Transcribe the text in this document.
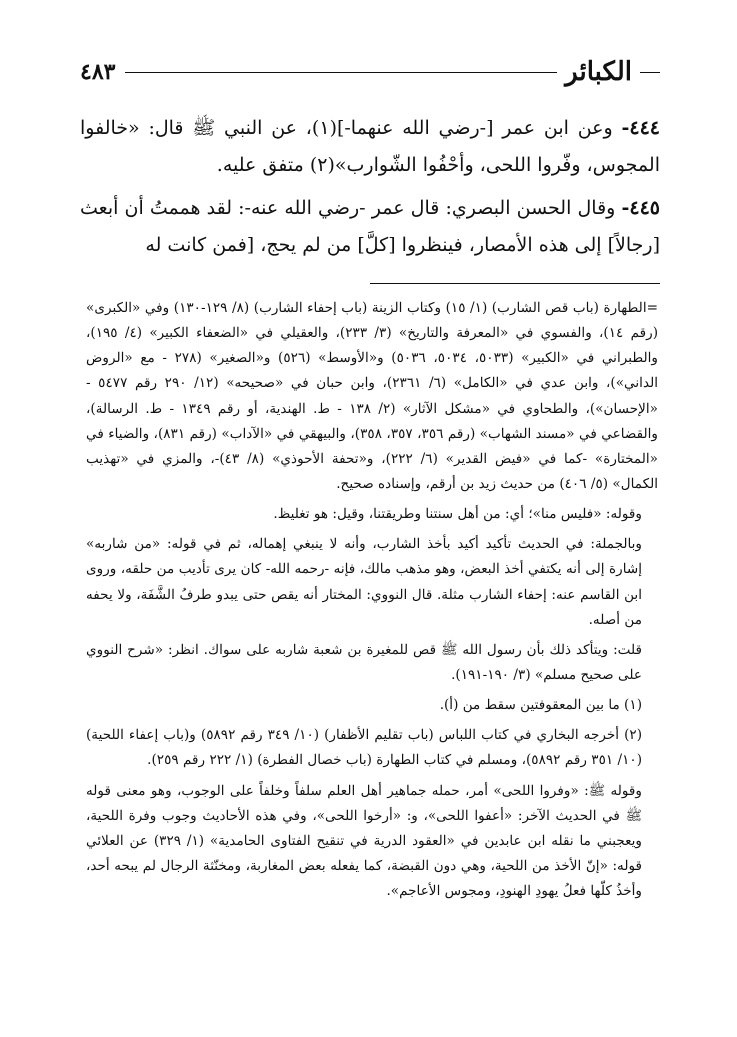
الكبائر
٤٨٣

٤٤٤- وعن ابن عمر [-رضي الله عنهما-](١)، عن النبي ﷺ قال: «خالفوا المجوس، وفّروا اللحى، وأحْفُوا الشّوارب»(٢) متفق عليه.

٤٤٥- وقال الحسن البصري: قال عمر -رضي الله عنه-: لقد هممتُ أن أبعث [رجالاً] إلى هذه الأمصار، فينظروا [كلَّ] من لم يحج، [فمن كانت له

=الطهارة (باب قص الشارب) (١/ ١٥) وكتاب الزينة (باب إحفاء الشارب) (٨/ ١٢٩-١٣٠) وفي «الكبرى» (رقم ١٤)، والفسوي في «المعرفة والتاريخ» (٣/ ٢٣٣)، والعقيلي في «الضعفاء الكبير» (٤/ ١٩٥)، والطبراني في «الكبير» (٥٠٣٣، ٥٠٣٤، ٥٠٣٦) و«الأوسط» (٥٢٦) و«الصغير» (٢٧٨ - مع «الروض الداني»)، وابن عدي في «الكامل» (٦/ ٢٣٦١)، وابن حبان في «صحيحه» (١٢/ ٢٩٠ رقم ٥٤٧٧ - «الإحسان»)، والطحاوي في «مشكل الآثار» (٢/ ١٣٨ - ط. الهندية، أو رقم ١٣٤٩ - ط. الرسالة)، والقضاعي في «مسند الشهاب» (رقم ٣٥٦، ٣٥٧، ٣٥٨)، والبيهقي في «الآداب» (رقم ٨٣١)، والضياء في «المختارة» -كما في «فيض القدير» (٦/ ٢٢٢)، و«تحفة الأحوذي» (٨/ ٤٣)-، والمزي في «تهذيب الكمال» (٥/ ٤٠٦) من حديث زيد بن أرقم، وإسناده صحيح.

وقوله: «فليس منا»؛ أي: من أهل سنتنا وطريقتنا، وقيل: هو تغليظ.

وبالجملة: في الحديث تأكيد أكيد بأخذ الشارب، وأنه لا ينبغي إهماله، ثم في قوله: «من شاربه» إشارة إلى أنه يكتفي أخذ البعض، وهو مذهب مالك، فإنه -رحمه الله- كان يرى تأديب من حلقه، وروى ابن القاسم عنه: إحفاء الشارب مثلة. قال النووي: المختار أنه يقص حتى يبدو طرفُ الشَّفَة، ولا يحفه من أصله.

قلت: ويتأكد ذلك بأن رسول الله ﷺ قص للمغيرة بن شعبة شاربه على سواك. انظر: «شرح النووي على صحيح مسلم» (٣/ ١٩٠-١٩١).

(١) ما بين المعقوفتين سقط من (أ).

(٢) أخرجه البخاري في كتاب اللباس (باب تقليم الأظفار) (١٠/ ٣٤٩ رقم ٥٨٩٢) و(باب إعفاء اللحية) (١٠/ ٣٥١ رقم ٥٨٩٢)، ومسلم في كتاب الطهارة (باب خصال الفطرة) (١/ ٢٢٢ رقم ٢٥٩).

وقوله ﷺ: «وفروا اللحى» أمر، حمله جماهير أهل العلم سلفاً وخلفاً على الوجوب، وهو معنى قوله ﷺ في الحديث الآخر: «أعفوا اللحى»، و: «أرخوا اللحى»، وفي هذه الأحاديث وجوب وفرة اللحية، ويعجبني ما نقله ابن عابدين في «العقود الدرية في تنقيح الفتاوى الحامدية» (١/ ٣٢٩) عن العلائي قوله: «إنّ الأخذ من اللحية، وهي دون القبضة، كما يفعله بعض المغاربة، ومخنّثة الرجال لم يبحه أحد، وأخذُ كلّها فعلُ يهودِ الهنودِ، ومجوس الأعاجم».
